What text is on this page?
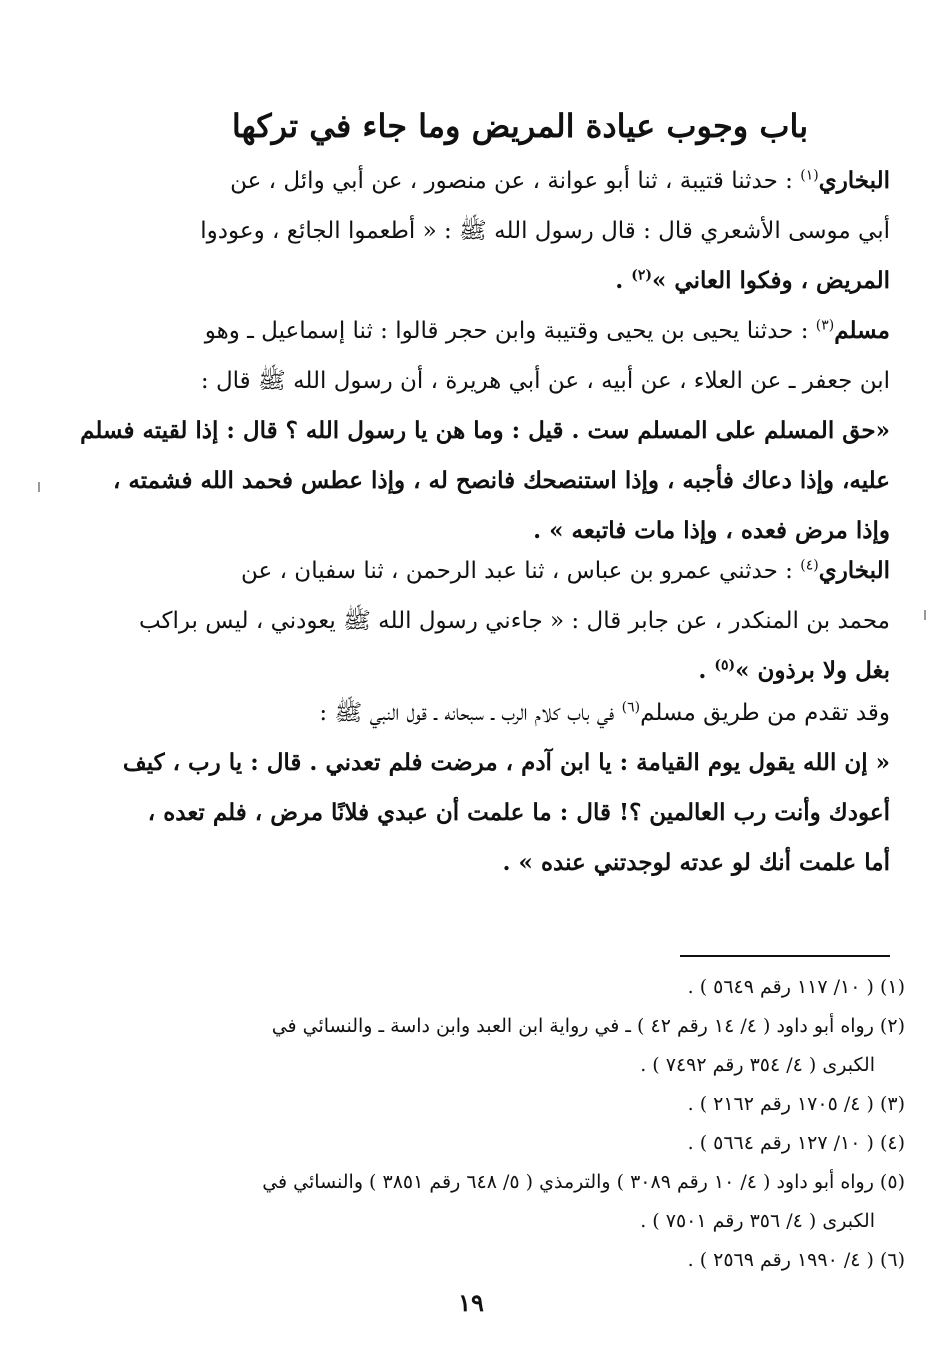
باب وجوب عيادة المريض وما جاء في تركها
البخاري$^{(١)}$ : حدثنا قتيبة ، ثنا أبو عوانة ، عن منصور ، عن أبي وائل ، عن
أبي موسى الأشعري قال : قال رسول الله ﷺ : « أطعموا الجائع ، وعودوا
المريض ، وفكوا العاني »$^{(٢)}$ .
مسلم$^{(٣)}$ : حدثنا يحيى بن يحيى وقتيبة وابن حجر قالوا : ثنا إسماعيل ـ وهو
ابن جعفر ـ عن العلاء ، عن أبيه ، عن أبي هريرة ، أن رسول الله ﷺ قال :
«حق المسلم على المسلم ست . قيل : وما هن يا رسول الله ؟ قال : إذا لقيته فسلم
عليه، وإذا دعاك فأجبه ، وإذا استنصحك فانصح له ، وإذا عطس فحمد الله فشمته ،
وإذا مرض فعده ، وإذا مات فاتبعه » .
البخاري$^{(٤)}$ : حدثني عمرو بن عباس ، ثنا عبد الرحمن ، ثنا سفيان ، عن
محمد بن المنكدر ، عن جابر قال : « جاءني رسول الله ﷺ يعودني ، ليس براكب
بغل ولا برذون »$^{(٥)}$ .
وقد تقدم من طريق مسلم$^{(٦)}$ في باب كلام الرب ـ سبحانه ـ قول النبي ﷺ :
« إن الله يقول يوم القيامة : يا ابن آدم ، مرضت فلم تعدني . قال : يا رب ، كيف
أعودك وأنت رب العالمين ؟! قال : ما علمت أن عبدي فلانًا مرض ، فلم تعده ،
أما علمت أنك لو عدته لوجدتني عنده » .
(١) ( ١٠/ ١١٧ رقم ٥٦٤٩ ) .
(٢) رواه أبو داود ( ٤/ ١٤ رقم ٤٢ ) ـ في رواية ابن العبد وابن داسة ـ والنسائي في
الكبرى ( ٤/ ٣٥٤ رقم ٧٤٩٢ ) .
(٣) ( ٤/ ١٧٠٥ رقم ٢١٦٢ ) .
(٤) ( ١٠/ ١٢٧ رقم ٥٦٦٤ ) .
(٥) رواه أبو داود ( ٤/ ١٠ رقم ٣٠٨٩ ) والترمذي ( ٥/ ٦٤٨ رقم ٣٨٥١ ) والنسائي في
الكبرى ( ٤/ ٣٥٦ رقم ٧٥٠١ ) .
(٦) ( ٤/ ١٩٩٠ رقم ٢٥٦٩ ) .
١٩
